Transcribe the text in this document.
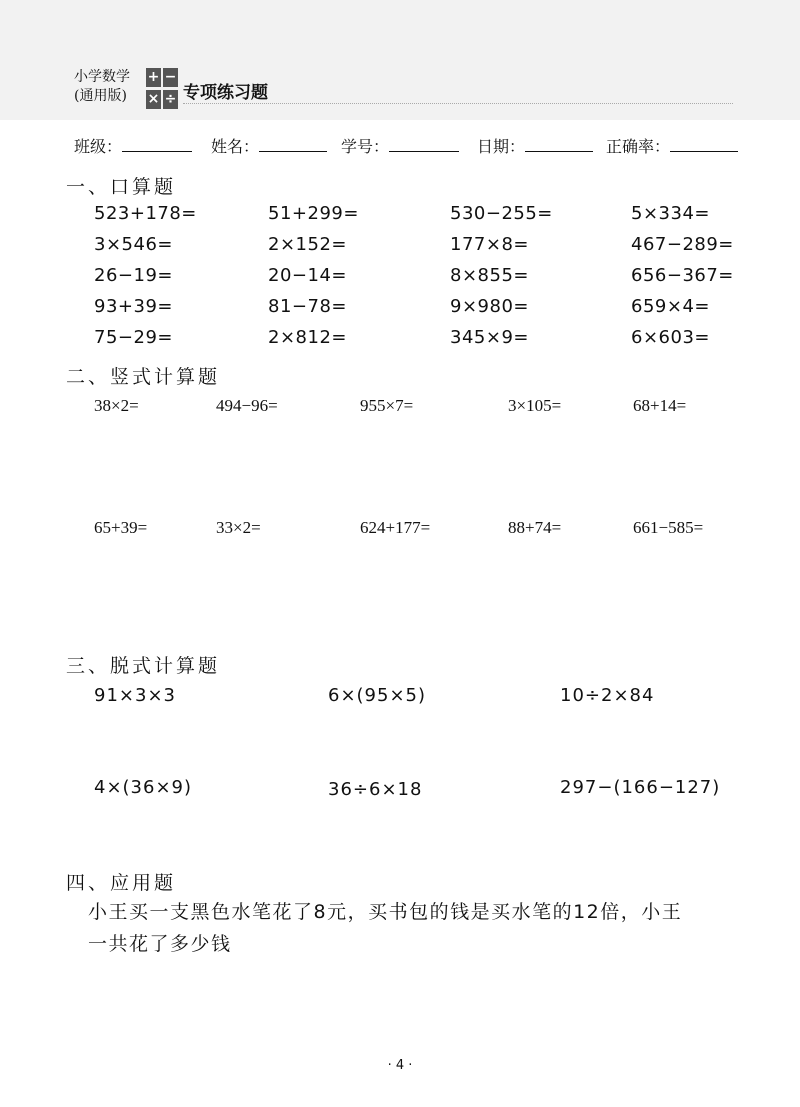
小学数学
(通用版)
+ −
× ÷ 专项练习题
班级：	姓名：	学号：	日期：	正确率：
一、口算题
523+178=	51+299=	530−255=	5×334=
3×546=	2×152=	177×8=	467−289=
26−19=	20−14=	8×855=	656−367=
93+39=	81−78=	9×980=	659×4=
75−29=	2×812=	345×9=	6×603=
二、竖式计算题
38×2=	494−96=	955×7=	3×105=	68+14=
65+39=	33×2=	624+177=	88+74=	661−585=
三、脱式计算题
91×3×3	6×(95×5)	10÷2×84
4×(36×9)	36÷6×18	297−(166−127)
四、应用题
小王买一支黑色水笔花了8元，买书包的钱是买水笔的12倍，小王
一共花了多少钱
· 4 ·
